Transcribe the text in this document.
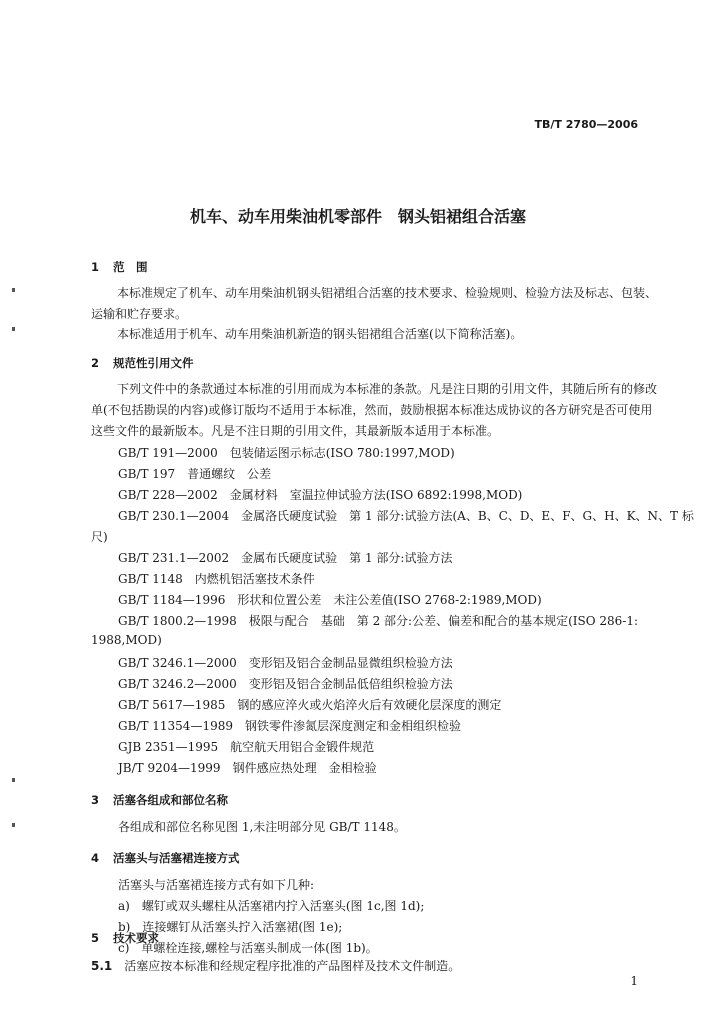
TB/T 2780—2006
机车、动车用柴油机零部件　钢头铝裙组合活塞
1 范　围
本标准规定了机车、动车用柴油机钢头铝裙组合活塞的技术要求、检验规则、检验方法及标志、包装、运输和贮存要求。
本标准适用于机车、动车用柴油机新造的钢头铝裙组合活塞(以下简称活塞)。
2 规范性引用文件
下列文件中的条款通过本标准的引用而成为本标准的条款。凡是注日期的引用文件，其随后所有的修改单(不包括勘误的内容)或修订版均不适用于本标准，然而，鼓励根据本标准达成协议的各方研究是否可使用这些文件的最新版本。凡是不注日期的引用文件，其最新版本适用于本标准。
GB/T 191—2000　包装储运图示标志(ISO 780:1997,MOD)
GB/T 197　普通螺纹　公差
GB/T 228—2002　金属材料　室温拉伸试验方法(ISO 6892:1998,MOD)
GB/T 230.1—2004　金属洛氏硬度试验　第 1 部分:试验方法(A、B、C、D、E、F、G、H、K、N、T 标
尺)
GB/T 231.1—2002　金属布氏硬度试验　第 1 部分:试验方法
GB/T 1148　内燃机铝活塞技术条件
GB/T 1184—1996　形状和位置公差　未注公差值(ISO 2768-2:1989,MOD)
GB/T 1800.2—1998　极限与配合　基础　第 2 部分:公差、偏差和配合的基本规定(ISO 286-1:
1988,MOD)
GB/T 3246.1—2000　变形铝及铝合金制品显微组织检验方法
GB/T 3246.2—2000　变形铝及铝合金制品低倍组织检验方法
GB/T 5617—1985　钢的感应淬火或火焰淬火后有效硬化层深度的测定
GB/T 11354—1989　钢铁零件渗氮层深度测定和金相组织检验
GJB 2351—1995　航空航天用铝合金锻件规范
JB/T 9204—1999　钢件感应热处理　金相检验
3 活塞各组成和部位名称
各组成和部位名称见图 1,未注明部分见 GB/T 1148。
4 活塞头与活塞裙连接方式
活塞头与活塞裙连接方式有如下几种:
a)　螺钉或双头螺柱从活塞裙内拧入活塞头(图 1c,图 1d);
b)　连接螺钉从活塞头拧入活塞裙(图 1e);
c)　单螺栓连接,螺栓与活塞头制成一体(图 1b)。
5 技术要求
5.1 活塞应按本标准和经规定程序批准的产品图样及技术文件制造。
1
